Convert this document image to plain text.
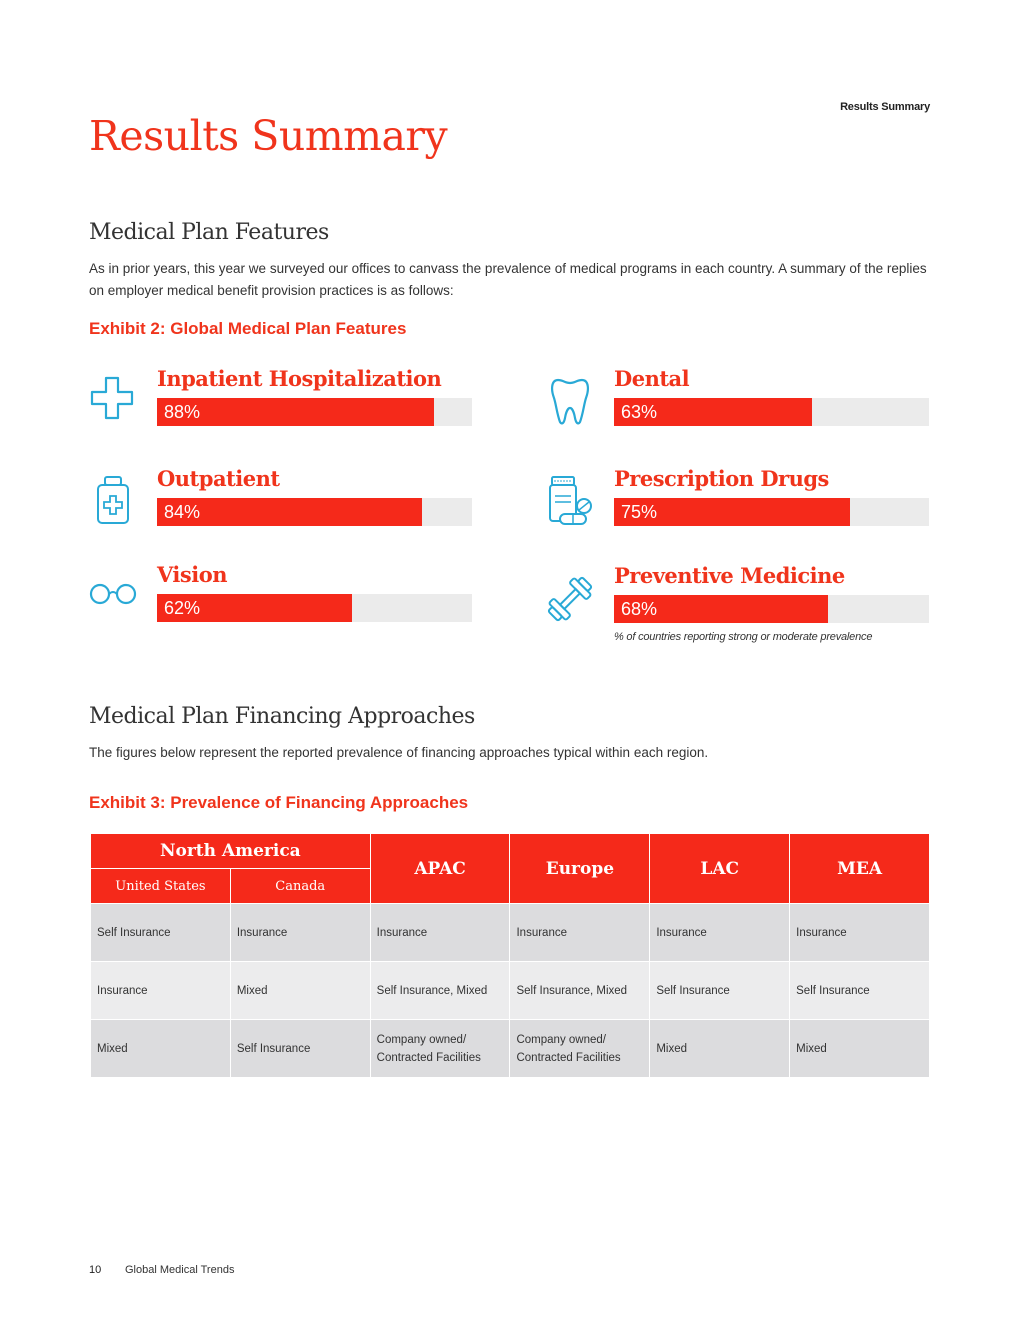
Results Summary
Results Summary
Medical Plan Features
As in prior years, this year we surveyed our offices to canvass the prevalence of medical programs in each country. A summary of the replies on employer medical benefit provision practices is as follows:
Exhibit 2: Global Medical Plan Features
Inpatient Hospitalization
88%
Dental
63%
Outpatient
84%
Prescription Drugs
75%
Vision
62%
Preventive Medicine
68%
% of countries reporting strong or moderate prevalence
Medical Plan Financing Approaches
The figures below represent the reported prevalence of financing approaches typical within each region.
Exhibit 3: Prevalence of Financing Approaches
North America		APAC	Europe	LAC	MEA
United States	Canada				
Self Insurance	Insurance	Insurance	Insurance	Insurance	Insurance
Insurance	Mixed	Self Insurance, Mixed	Self Insurance, Mixed	Self Insurance	Self Insurance
Mixed	Self Insurance	Company owned/ Contracted Facilities	Company owned/ Contracted Facilities	Mixed	Mixed
10 Global Medical Trends
